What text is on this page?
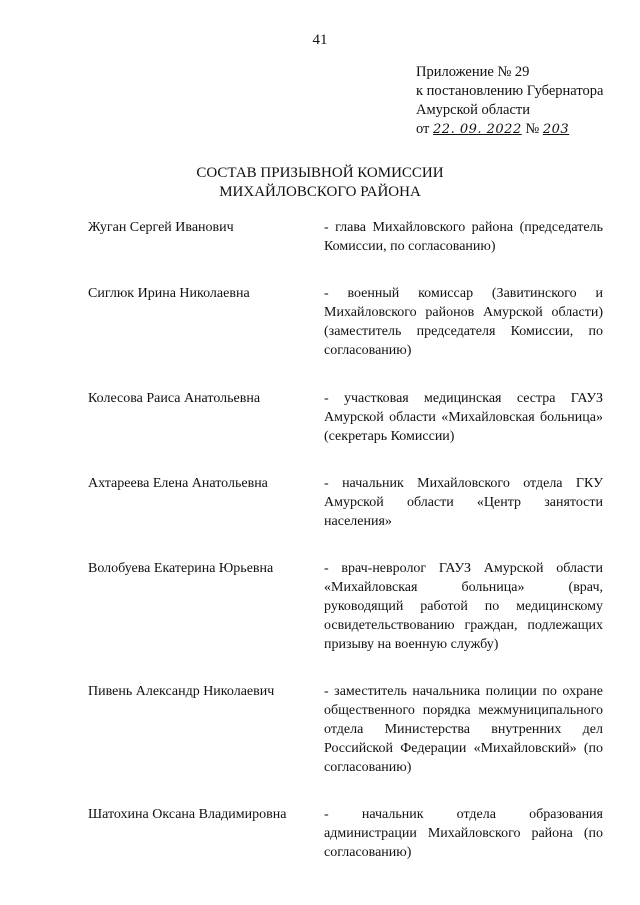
41
Приложение № 29
к постановлению Губернатора
Амурской области
от 22. 09. 2022 № 203
СОСТАВ ПРИЗЫВНОЙ КОМИССИИ
МИХАЙЛОВСКОГО РАЙОНА
Жуган Сергей Иванович	- глава Михайловского района (председатель Комиссии, по согласованию)
Сиглюк Ирина Николаевна	- военный комиссар (Завитинского и Михайловского районов Амурской области) (заместитель председателя Комиссии, по согласованию)
Колесова Раиса Анатольевна	- участковая медицинская сестра ГАУЗ Амурской области «Михайловская больница» (секретарь Комиссии)
Ахтареева Елена Анатольевна	- начальник Михайловского отдела ГКУ Амурской области «Центр занятости населения»
Волобуева Екатерина Юрьевна	- врач-невролог ГАУЗ Амурской области «Михайловская больница» (врач, руководящий работой по медицинскому освидетельствованию граждан, подлежащих призыву на военную службу)
Пивень Александр Николаевич	- заместитель начальника полиции по охране общественного порядка межмуниципального отдела Министерства внутренних дел Российской Федерации «Михайловский» (по согласованию)
Шатохина Оксана Владимировна	- начальник отдела образования администрации Михайловского района (по согласованию)
